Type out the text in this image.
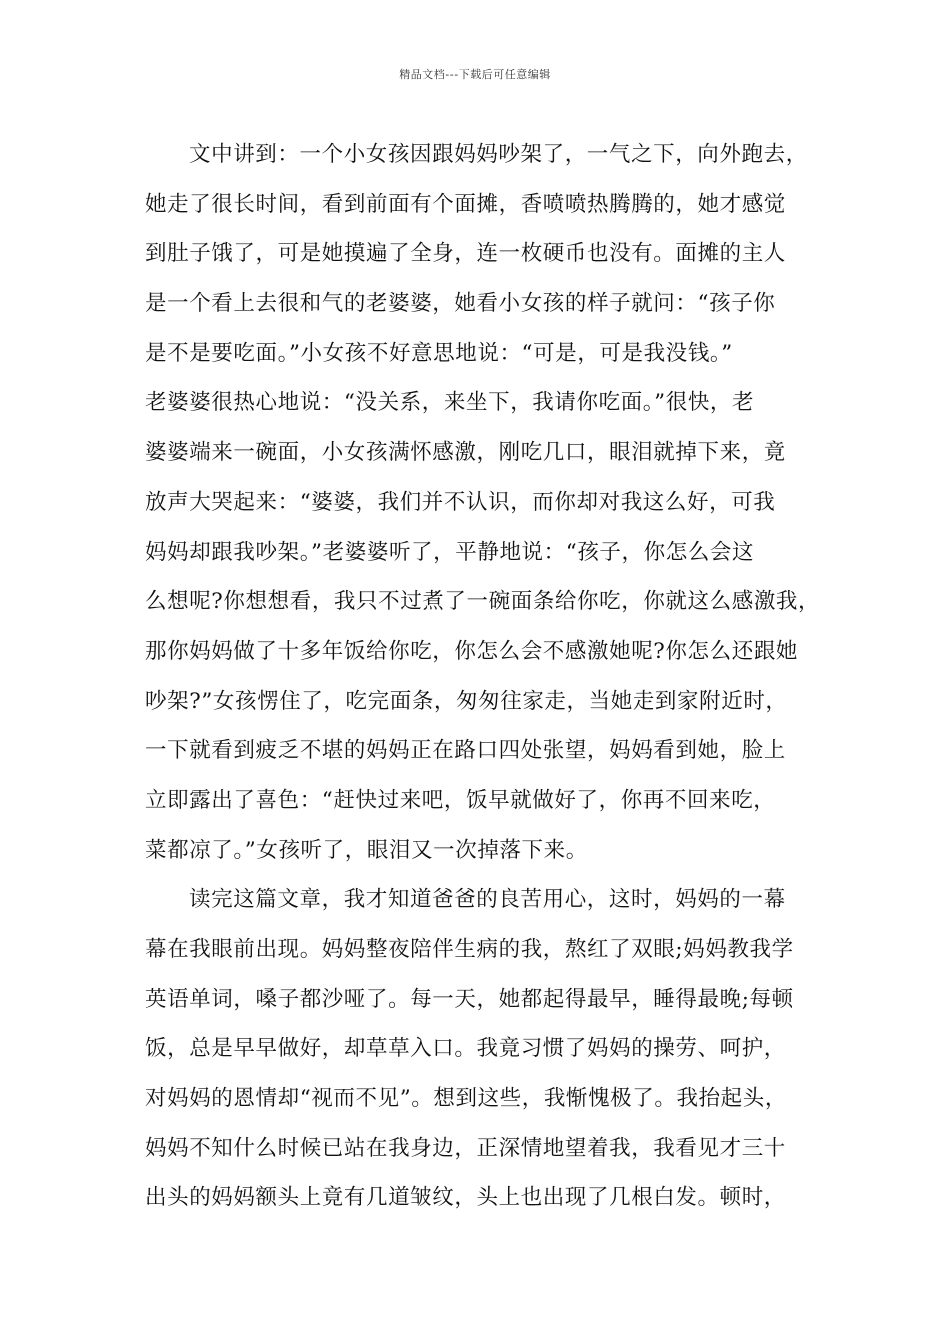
精品文档---下载后可任意编辑
文中讲到：一个小女孩因跟妈妈吵架了，一气之下，向外跑去，
她走了很长时间，看到前面有个面摊，香喷喷热腾腾的，她才感觉
到肚子饿了，可是她摸遍了全身，连一枚硬币也没有。面摊的主人
是一个看上去很和气的老婆婆，她看小女孩的样子就问：“孩子你
是不是要吃面。”小女孩不好意思地说：“可是，可是我没钱。”
老婆婆很热心地说：“没关系，来坐下，我请你吃面。”很快，老
婆婆端来一碗面，小女孩满怀感激，刚吃几口，眼泪就掉下来，竟
放声大哭起来：“婆婆，我们并不认识，而你却对我这么好，可我
妈妈却跟我吵架。”老婆婆听了，平静地说：“孩子，你怎么会这
么想呢?你想想看，我只不过煮了一碗面条给你吃，你就这么感激我，
那你妈妈做了十多年饭给你吃，你怎么会不感激她呢?你怎么还跟她
吵架?”女孩愣住了，吃完面条，匆匆往家走，当她走到家附近时，
一下就看到疲乏不堪的妈妈正在路口四处张望，妈妈看到她，脸上
立即露出了喜色：“赶快过来吧，饭早就做好了，你再不回来吃，
菜都凉了。”女孩听了，眼泪又一次掉落下来。
读完这篇文章，我才知道爸爸的良苦用心，这时，妈妈的一幕
幕在我眼前出现。妈妈整夜陪伴生病的我，熬红了双眼;妈妈教我学
英语单词，嗓子都沙哑了。每一天，她都起得最早，睡得最晚;每顿
饭，总是早早做好，却草草入口。我竟习惯了妈妈的操劳、呵护，
对妈妈的恩情却“视而不见”。想到这些，我惭愧极了。我抬起头，
妈妈不知什么时候已站在我身边，正深情地望着我，我看见才三十
出头的妈妈额头上竟有几道皱纹，头上也出现了几根白发。顿时，
